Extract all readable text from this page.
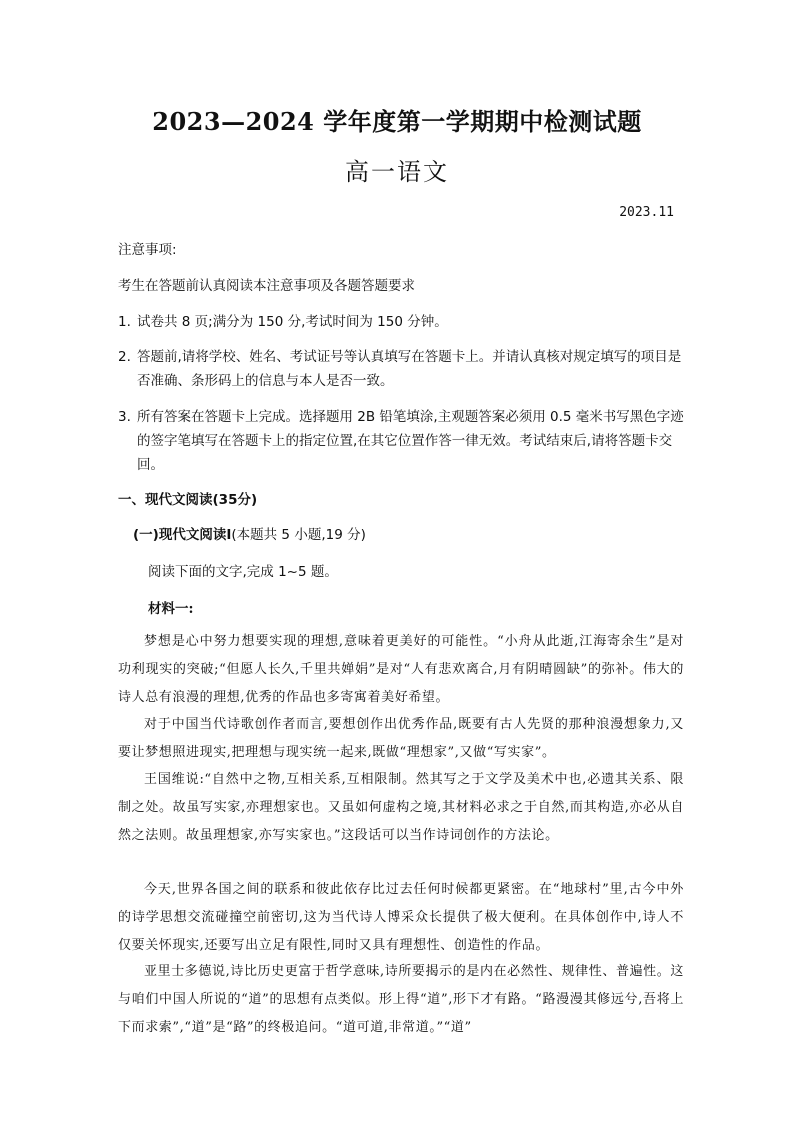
2023—2024 学年度第一学期期中检测试题
高一语文
2023.11
注意事项:
考生在答题前认真阅读本注意事项及各题答题要求
1. 试卷共 8 页;满分为 150 分,考试时间为 150 分钟。
2. 答题前,请将学校、姓名、考试证号等认真填写在答题卡上。并请认真核对规定填写的项目是否准确、条形码上的信息与本人是否一致。
3. 所有答案在答题卡上完成。选择题用 2B 铅笔填涂,主观题答案必须用 0.5 毫米书写黑色字迹的签字笔填写在答题卡上的指定位置,在其它位置作答一律无效。考试结束后,请将答题卡交回。
一、现代文阅读(35分)
(一)现代文阅读Ⅰ(本题共 5 小题,19 分)
阅读下面的文字,完成 1~5 题。
材料一:
梦想是心中努力想要实现的理想,意味着更美好的可能性。“小舟从此逝,江海寄余生”是对功利现实的突破;“但愿人长久,千里共婵娟”是对“人有悲欢离合,月有阴晴圆缺”的弥补。伟大的诗人总有浪漫的理想,优秀的作品也多寄寓着美好希望。
对于中国当代诗歌创作者而言,要想创作出优秀作品,既要有古人先贤的那种浪漫想象力,又要让梦想照进现实,把理想与现实统一起来,既做“理想家”,又做“写实家”。
王国维说:“自然中之物,互相关系,互相限制。然其写之于文学及美术中也,必遗其关系、限制之处。故虽写实家,亦理想家也。又虽如何虚构之境,其材料必求之于自然,而其构造,亦必从自然之法则。故虽理想家,亦写实家也。”这段话可以当作诗词创作的方法论。
今天,世界各国之间的联系和彼此依存比过去任何时候都更紧密。在“地球村”里,古今中外的诗学思想交流碰撞空前密切,这为当代诗人博采众长提供了极大便利。在具体创作中,诗人不仅要关怀现实,还要写出立足有限性,同时又具有理想性、创造性的作品。
亚里士多德说,诗比历史更富于哲学意味,诗所要揭示的是内在必然性、规律性、普遍性。这与咱们中国人所说的“道”的思想有点类似。形上得“道”,形下才有路。“路漫漫其修远兮,吾将上下而求索”,“道”是“路”的终极追问。“道可道,非常道。”“道”
